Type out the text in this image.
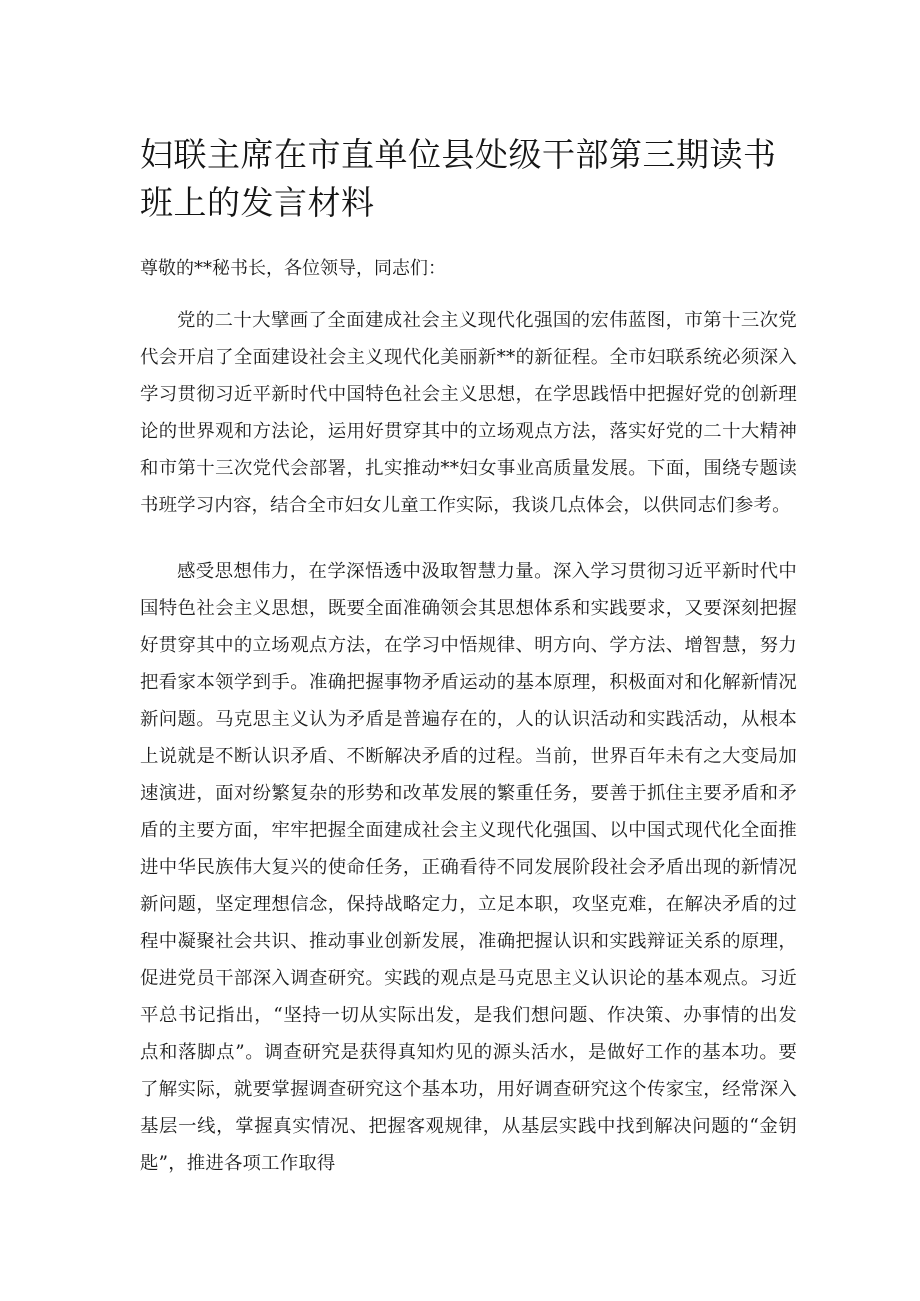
妇联主席在市直单位县处级干部第三期读书班上的发言材料

尊敬的**秘书长，各位领导，同志们：

党的二十大擘画了全面建成社会主义现代化强国的宏伟蓝图，市第十三次党代会开启了全面建设社会主义现代化美丽新**的新征程。全市妇联系统必须深入学习贯彻习近平新时代中国特色社会主义思想，在学思践悟中把握好党的创新理论的世界观和方法论，运用好贯穿其中的立场观点方法，落实好党的二十大精神和市第十三次党代会部署，扎实推动**妇女事业高质量发展。下面，围绕专题读书班学习内容，结合全市妇女儿童工作实际，我谈几点体会，以供同志们参考。

感受思想伟力，在学深悟透中汲取智慧力量。深入学习贯彻习近平新时代中国特色社会主义思想，既要全面准确领会其思想体系和实践要求，又要深刻把握好贯穿其中的立场观点方法，在学习中悟规律、明方向、学方法、增智慧，努力把看家本领学到手。准确把握事物矛盾运动的基本原理，积极面对和化解新情况新问题。马克思主义认为矛盾是普遍存在的，人的认识活动和实践活动，从根本上说就是不断认识矛盾、不断解决矛盾的过程。当前，世界百年未有之大变局加速演进，面对纷繁复杂的形势和改革发展的繁重任务，要善于抓住主要矛盾和矛盾的主要方面，牢牢把握全面建成社会主义现代化强国、以中国式现代化全面推进中华民族伟大复兴的使命任务，正确看待不同发展阶段社会矛盾出现的新情况新问题，坚定理想信念，保持战略定力，立足本职，攻坚克难，在解决矛盾的过程中凝聚社会共识、推动事业创新发展，准确把握认识和实践辩证关系的原理，促进党员干部深入调查研究。实践的观点是马克思主义认识论的基本观点。习近平总书记指出，“坚持一切从实际出发，是我们想问题、作决策、办事情的出发点和落脚点”。调查研究是获得真知灼见的源头活水，是做好工作的基本功。要了解实际，就要掌握调查研究这个基本功，用好调查研究这个传家宝，经常深入基层一线，掌握真实情况、把握客观规律，从基层实践中找到解决问题的“金钥匙”，推进各项工作取得
